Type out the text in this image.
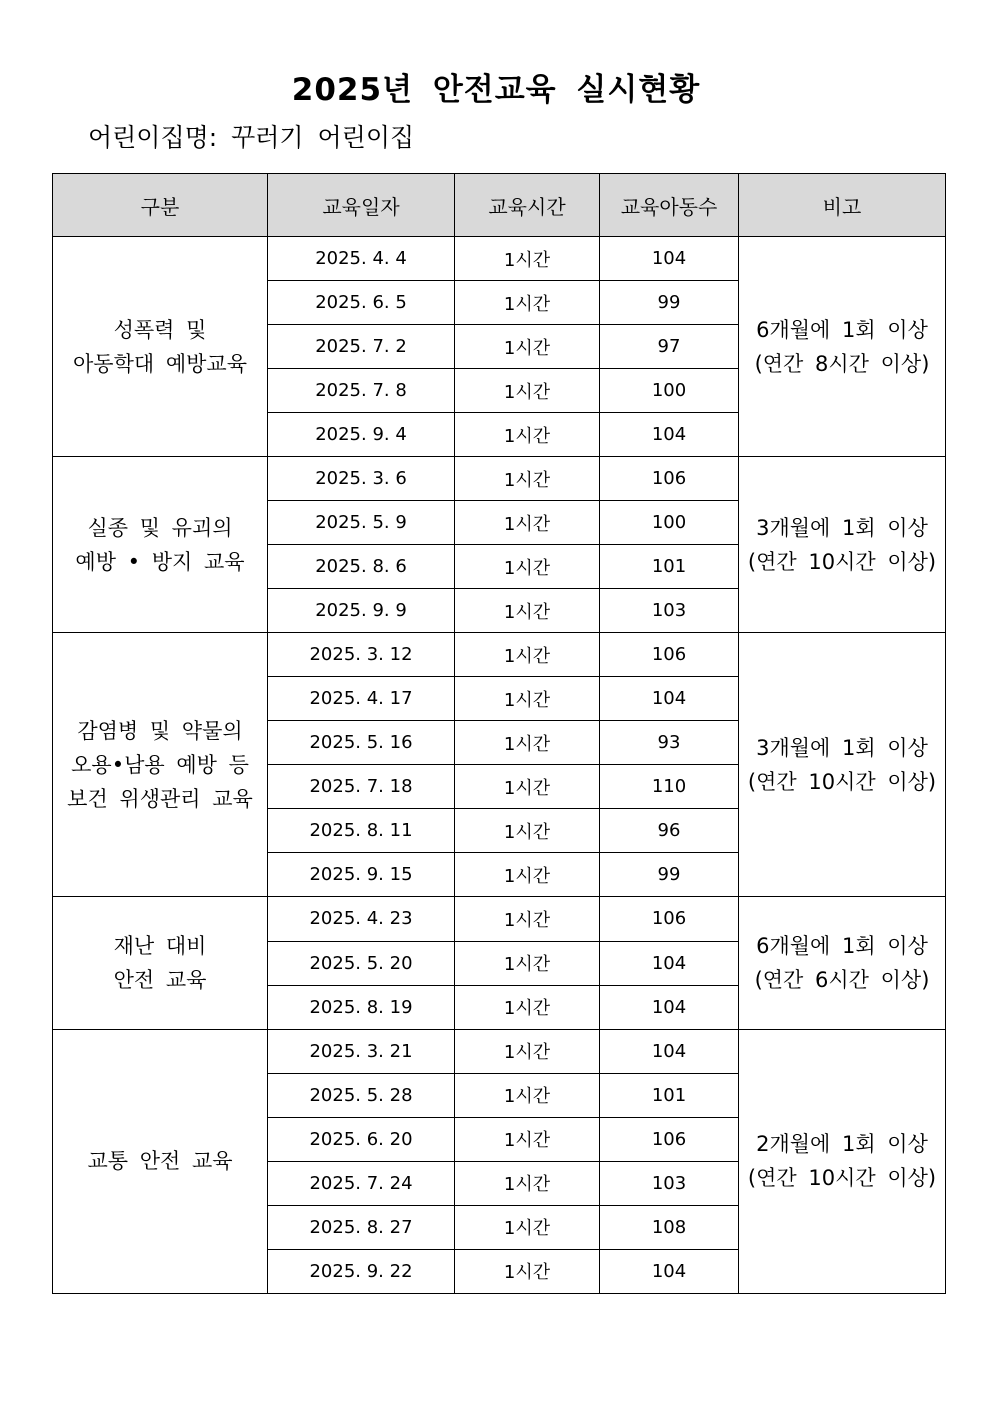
2025년 안전교육 실시현황

어린이집명: 꾸러기 어린이집

구분	교육일자	교육시간	교육아동수	비고

성폭력 및
아동학대 예방교육	2025. 4. 4	1시간	104	6개월에 1회 이상
(연간 8시간 이상)

	2025. 6. 5	1시간	99	
	2025. 7. 2	1시간	97	
	2025. 7. 8	1시간	100	
	2025. 9. 4	1시간	104	

실종 및 유괴의
예방 • 방지 교육	2025. 3. 6	1시간	106	3개월에 1회 이상
(연간 10시간 이상)

	2025. 5. 9	1시간	100	
	2025. 8. 6	1시간	101	
	2025. 9. 9	1시간	103	

감염병 및 약물의
오용•남용 예방 등
보건 위생관리 교육	2025. 3. 12	1시간	106	3개월에 1회 이상
(연간 10시간 이상)

	2025. 4. 17	1시간	104	
	2025. 5. 16	1시간	93	
	2025. 7. 18	1시간	110	
	2025. 8. 11	1시간	96	
	2025. 9. 15	1시간	99	

재난 대비
안전 교육	2025. 4. 23	1시간	106	6개월에 1회 이상
(연간 6시간 이상)

	2025. 5. 20	1시간	104	
	2025. 8. 19	1시간	104	

교통 안전 교육	2025. 3. 21	1시간	104	2개월에 1회 이상
(연간 10시간 이상)

	2025. 5. 28	1시간	101	
	2025. 6. 20	1시간	106	
	2025. 7. 24	1시간	103	
	2025. 8. 27	1시간	108	
	2025. 9. 22	1시간	104	
